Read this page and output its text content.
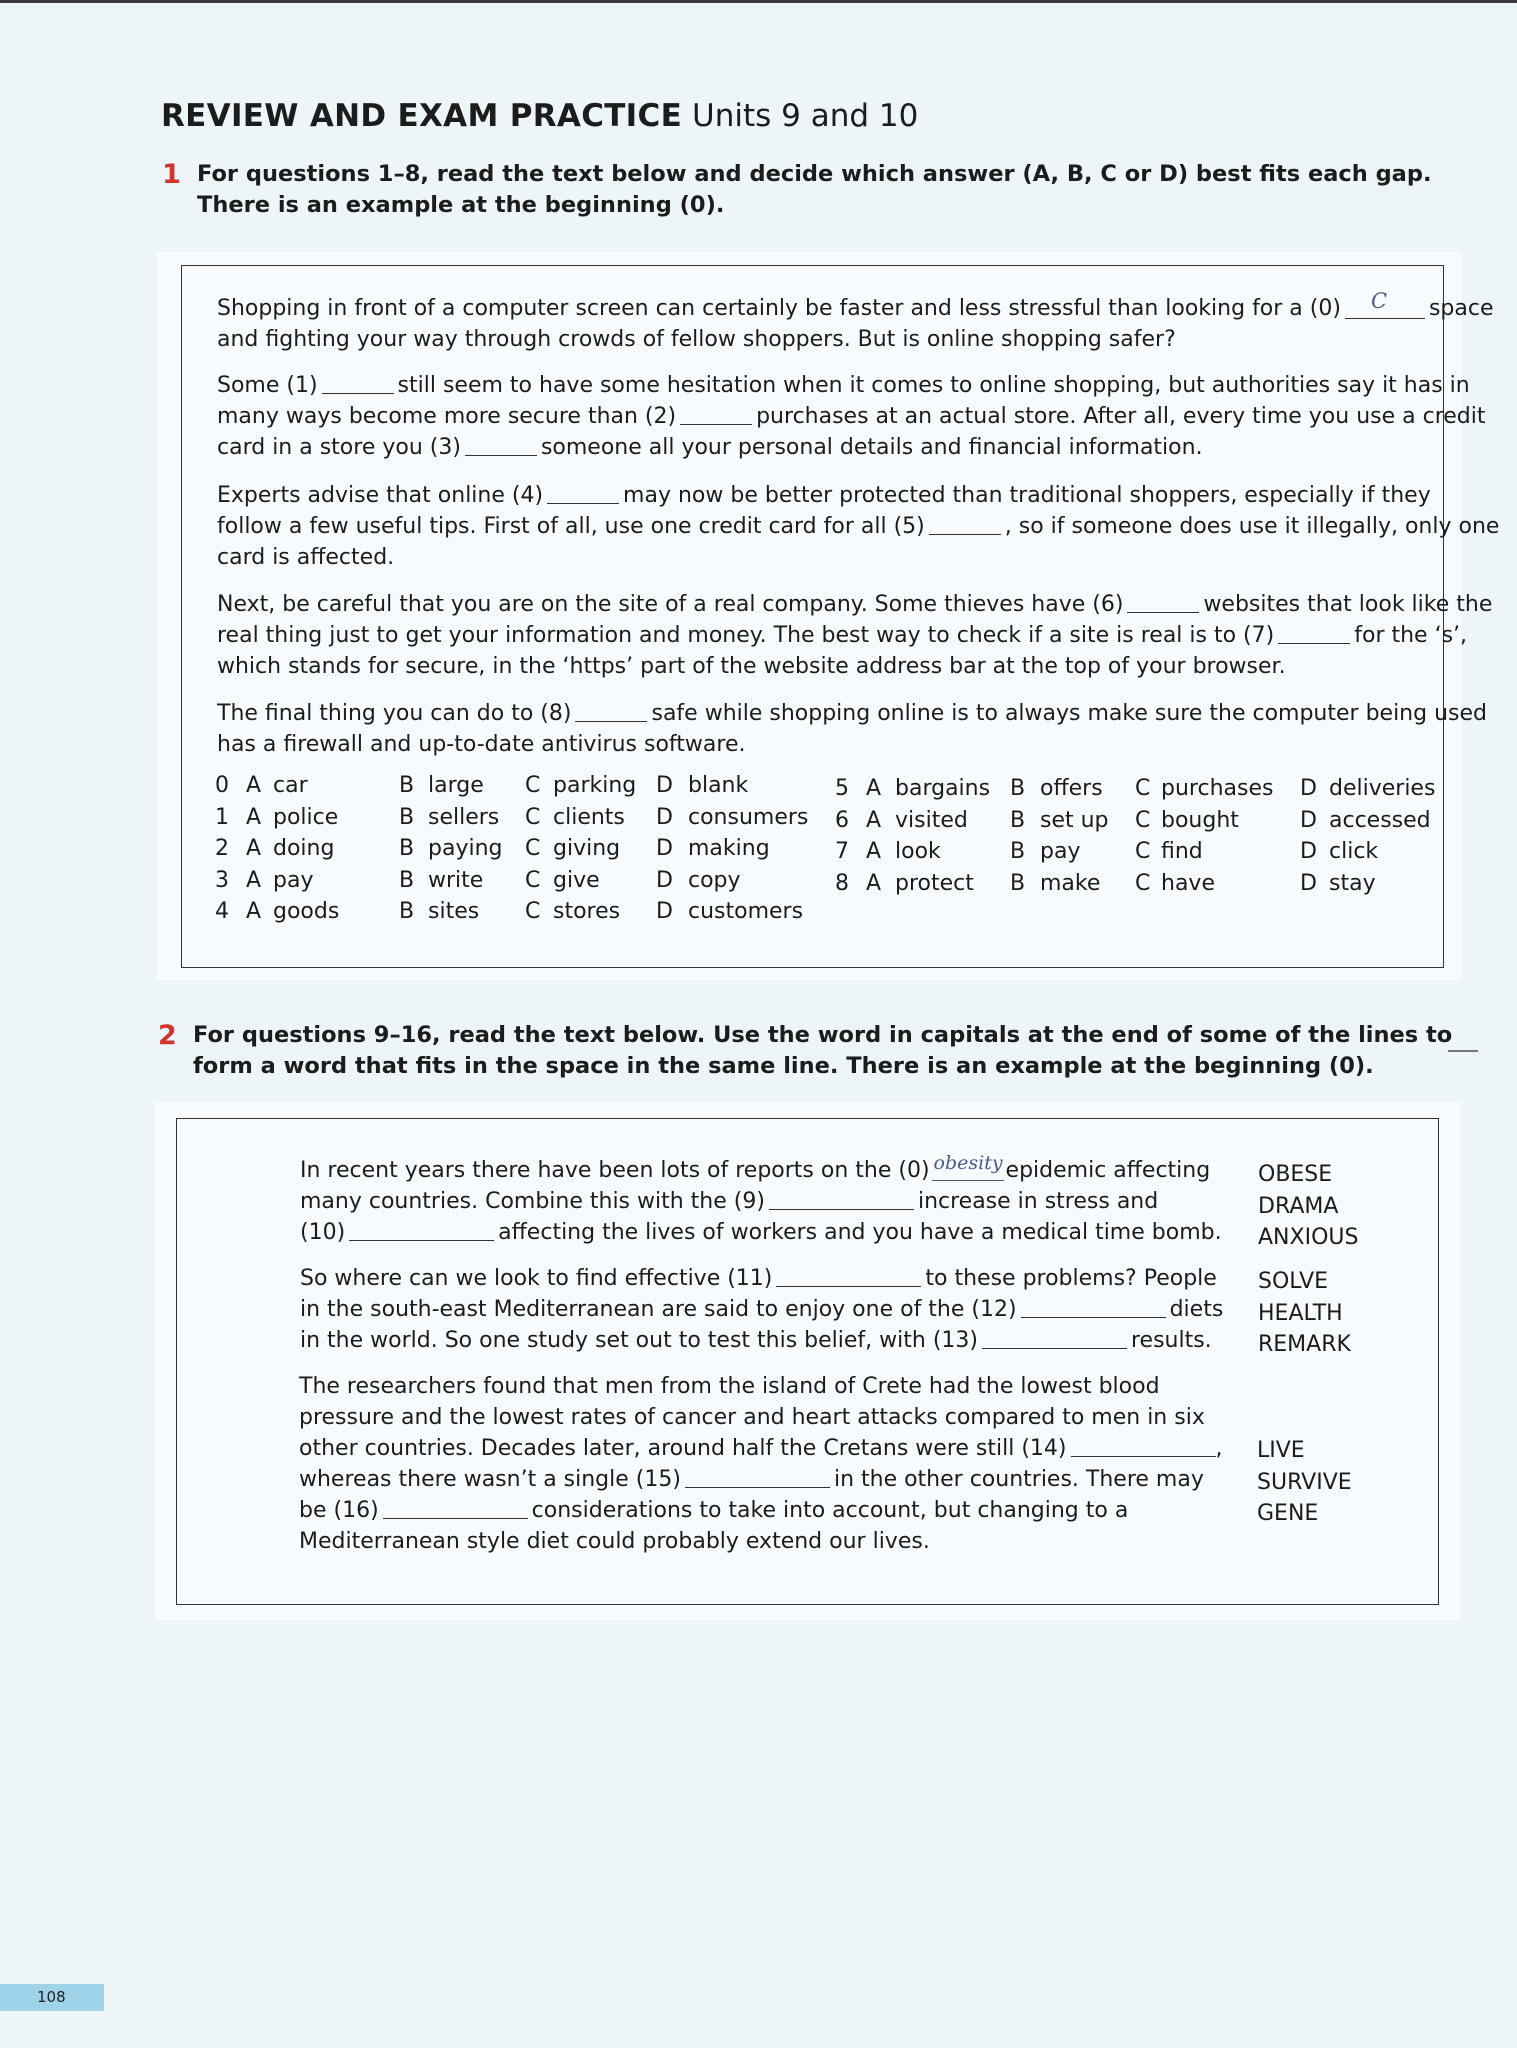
REVIEW AND EXAM PRACTICE Units 9 and 10
1 For questions 1–8, read the text below and decide which answer (A, B, C or D) best fits each gap.
There is an example at the beginning (0).
Shopping in front of a computer screen can certainly be faster and less stressful than looking for a (0) C space
and fighting your way through crowds of fellow shoppers. But is online shopping safer?
Some (1)	still seem to have some hesitation when it comes to online shopping, but authorities say it has in
many ways become more secure than (2)	purchases at an actual store. After all, every time you use a credit
card in a store you (3)	someone all your personal details and financial information.
Experts advise that online (4)	may now be better protected than traditional shoppers, especially if they
follow a few useful tips. First of all, use one credit card for all (5)	, so if someone does use it illegally, only one
card is affected.
Next, be careful that you are on the site of a real company. Some thieves have (6)	websites that look like the
real thing just to get your information and money. The best way to check if a site is real is to (7)	for the ‘s’,
which stands for secure, in the ‘https’ part of the website address bar at the top of your browser.
The final thing you can do to (8)	safe while shopping online is to always make sure the computer being used
has a firewall and up-to-date antivirus software.
0 A car	B large C parking D blank
1 A police	B sellers C clients D consumers
2 A doing	B paying C giving D making
3 A pay	B write C give	D copy
4 A goods	B sites C stores D customers
5 A bargains B offers C purchases D deliveries
6 A visited B set up C bought	D accessed
7 A look	B pay C find	D click
8 A protect B make C have	D stay
2 For questions 9–16, read the text below. Use the word in capitals at the end of some of the lines to
form a word that fits in the space in the same line. There is an example at the beginning (0).
In recent years there have been lots of reports on the (0) obesity epidemic affecting
many countries. Combine this with the (9)	increase in stress and
(10)	affecting the lives of workers and you have a medical time bomb.
So where can we look to find effective (11)	to these problems? People
in the south-east Mediterranean are said to enjoy one of the (12)	diets
in the world. So one study set out to test this belief, with (13)	results.
The researchers found that men from the island of Crete had the lowest blood
pressure and the lowest rates of cancer and heart attacks compared to men in six
other countries. Decades later, around half the Cretans were still (14)	,
whereas there wasn’t a single (15)	in the other countries. There may
be (16)	considerations to take into account, but changing to a
Mediterranean style diet could probably extend our lives.
OBESE
DRAMA
ANXIOUS
SOLVE
HEALTH
REMARK
LIVE
SURVIVE
GENE
108
